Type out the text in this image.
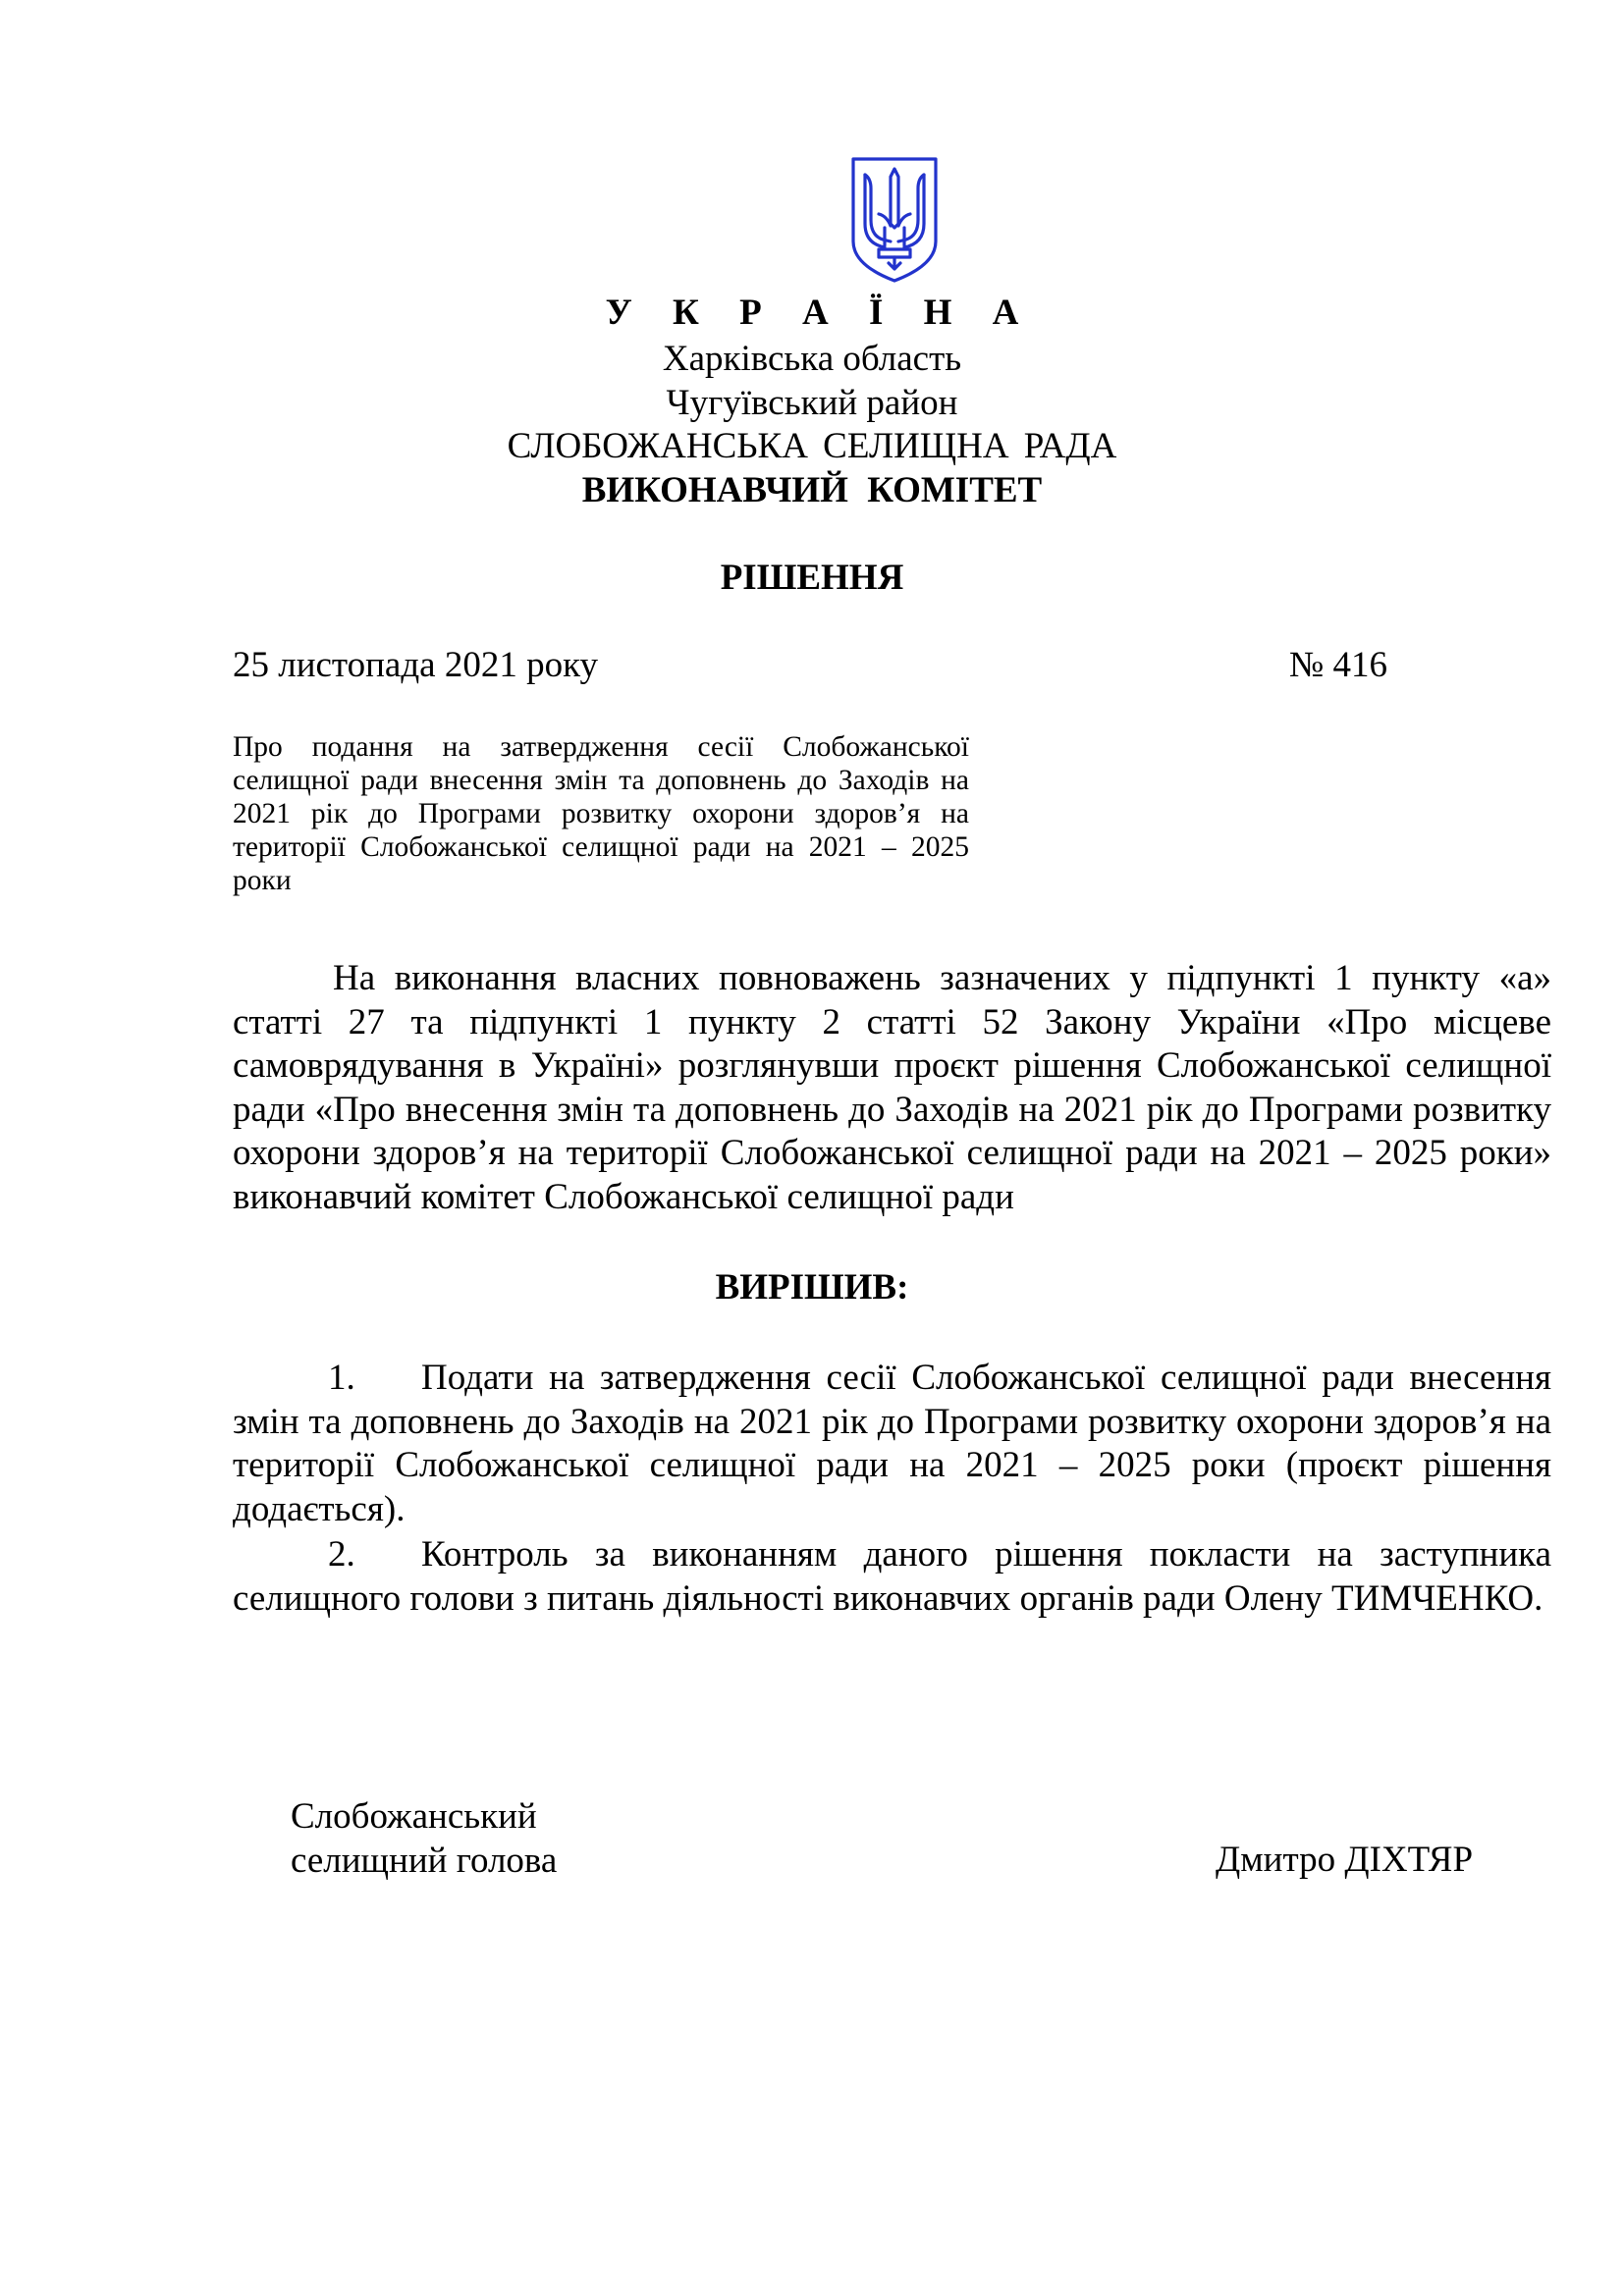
У К Р А Ї Н А
Харківська область
Чугуївський район
СЛОБОЖАНСЬКА СЕЛИЩНА РАДА
ВИКОНАВЧИЙ КОМІТЕТ
РІШЕННЯ
25 листопада 2021 року	№ 416
Про подання на затвердження сесії Слобожанської селищної ради внесення змін та доповнень до Заходів на 2021 рік до Програми розвитку охорони здоров’я на території Слобожанської селищної ради на 2021 – 2025 роки
На виконання власних повноважень зазначених у підпункті 1 пункту «а» статті 27 та підпункті 1 пункту 2 статті 52 Закону України «Про місцеве самоврядування в Україні» розглянувши проєкт рішення Слобожанської селищної ради «Про внесення змін та доповнень до Заходів на 2021 рік до Програми розвитку охорони здоров’я на території Слобожанської селищної ради на 2021 – 2025 роки» виконавчий комітет Слобожанської селищної ради
ВИРІШИВ:
1. Подати на затвердження сесії Слобожанської селищної ради внесення змін та доповнень до Заходів на 2021 рік до Програми розвитку охорони здоров’я на території Слобожанської селищної ради на 2021 – 2025 роки (проєкт рішення додається).
2. Контроль за виконанням даного рішення покласти на заступника селищного голови з питань діяльності виконавчих органів ради Олену ТИМЧЕНКО.
Слобожанський
селищний голова	Дмитро ДІХТЯР
